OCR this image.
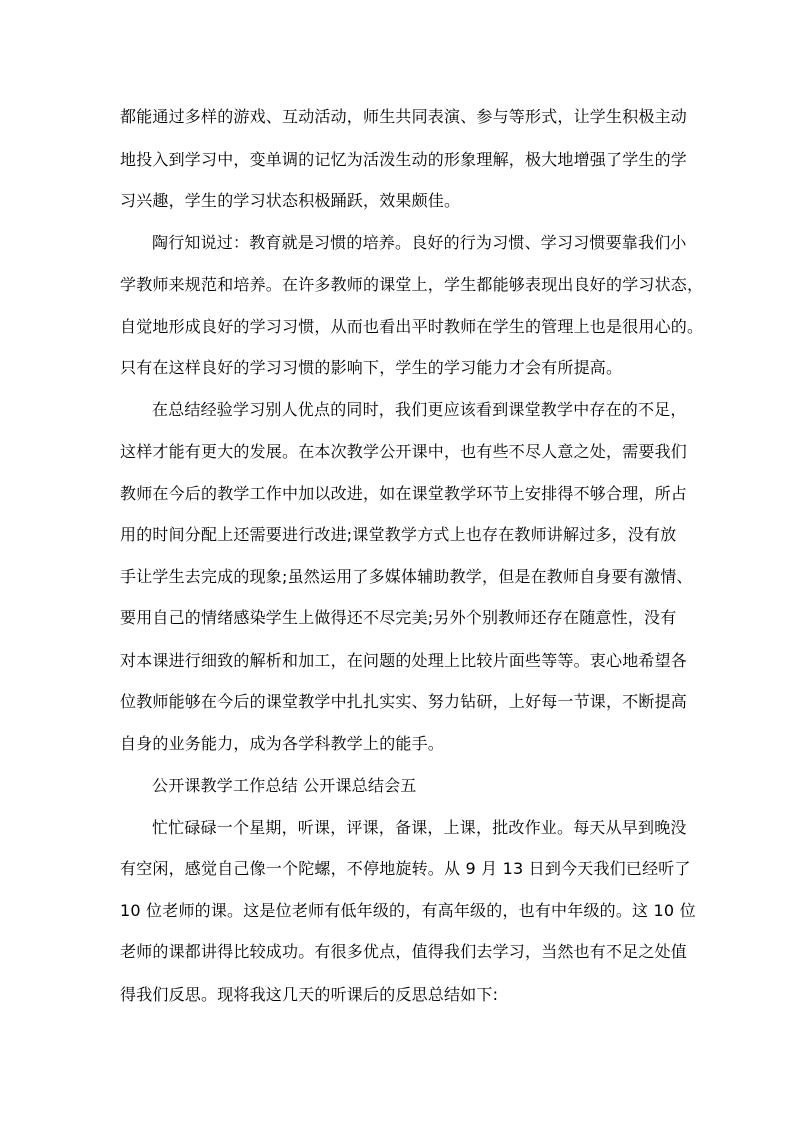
都能通过多样的游戏、互动活动，师生共同表演、参与等形式，让学生积极主动
地投入到学习中，变单调的记忆为活泼生动的形象理解，极大地增强了学生的学
习兴趣，学生的学习状态积极踊跃，效果颇佳。
陶行知说过：教育就是习惯的培养。良好的行为习惯、学习习惯要靠我们小
学教师来规范和培养。在许多教师的课堂上，学生都能够表现出良好的学习状态，
自觉地形成良好的学习习惯，从而也看出平时教师在学生的管理上也是很用心的。
只有在这样良好的学习习惯的影响下，学生的学习能力才会有所提高。
在总结经验学习别人优点的同时，我们更应该看到课堂教学中存在的不足，
这样才能有更大的发展。在本次教学公开课中，也有些不尽人意之处，需要我们
教师在今后的教学工作中加以改进，如在课堂教学环节上安排得不够合理，所占
用的时间分配上还需要进行改进;课堂教学方式上也存在教师讲解过多，没有放
手让学生去完成的现象;虽然运用了多媒体辅助教学，但是在教师自身要有激情、
要用自己的情绪感染学生上做得还不尽完美;另外个别教师还存在随意性，没有
对本课进行细致的解析和加工，在问题的处理上比较片面些等等。衷心地希望各
位教师能够在今后的课堂教学中扎扎实实、努力钻研，上好每一节课，不断提高
自身的业务能力，成为各学科教学上的能手。
公开课教学工作总结 公开课总结会五
忙忙碌碌一个星期，听课，评课，备课，上课，批改作业。每天从早到晚没
有空闲，感觉自己像一个陀螺，不停地旋转。从 9 月 13 日到今天我们已经听了
10 位老师的课。这是位老师有低年级的，有高年级的，也有中年级的。这 10 位
老师的课都讲得比较成功。有很多优点，值得我们去学习，当然也有不足之处值
得我们反思。现将我这几天的听课后的反思总结如下:
